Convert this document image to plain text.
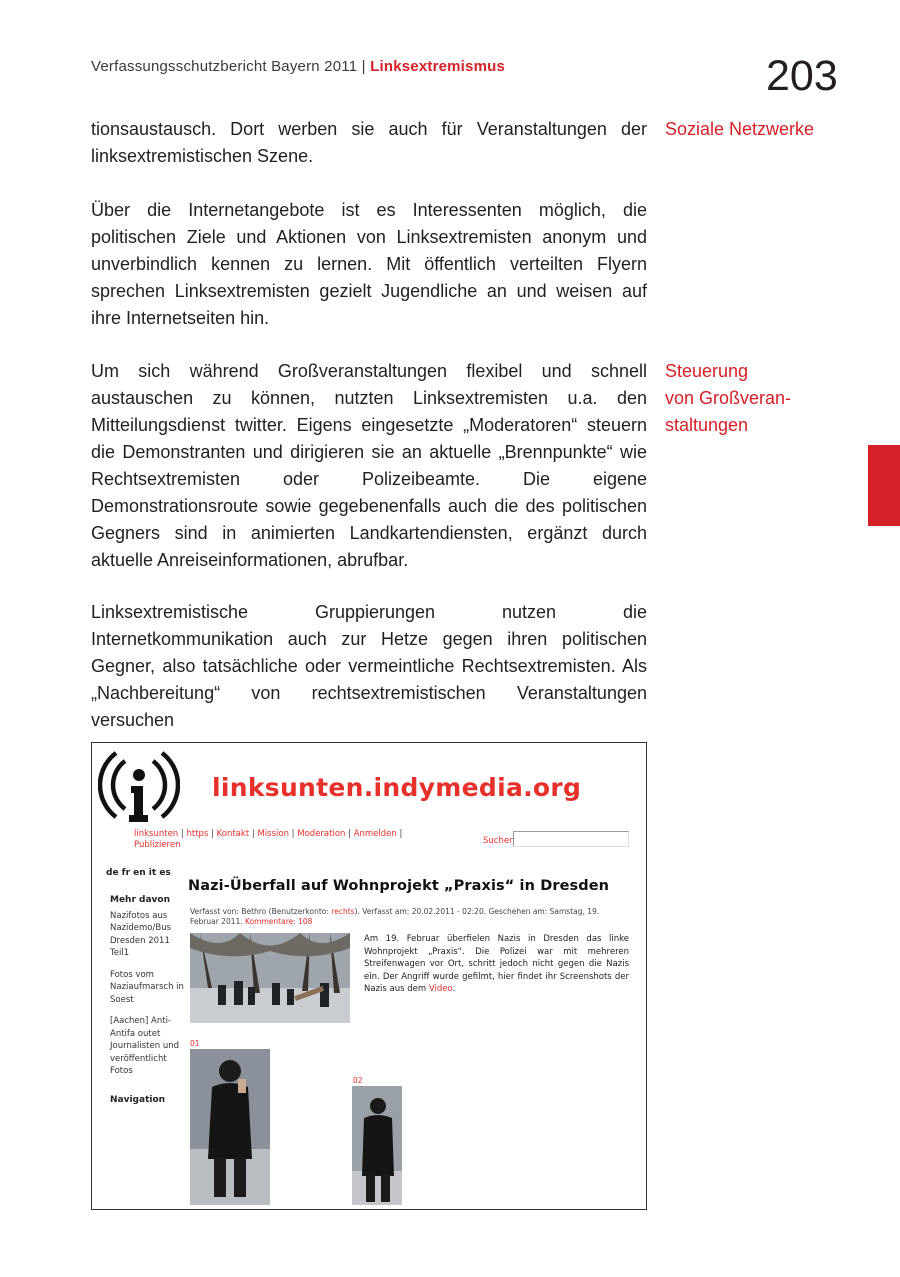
Verfassungsschutzbericht Bayern 2011 | Linksextremismus	203

tionsaustausch. Dort werben sie auch für Veranstaltungen der linksextremistischen Szene.

Über die Internetangebote ist es Interessenten möglich, die politischen Ziele und Aktionen von Linksextremisten anonym und unverbindlich kennen zu lernen. Mit öffentlich verteilten Flyern sprechen Linksextremisten gezielt Jugendliche an und weisen auf ihre Internetseiten hin.

Um sich während Großveranstaltungen flexibel und schnell austauschen zu können, nutzten Linksextremisten u.a. den Mitteilungsdienst twitter. Eigens eingesetzte „Moderatoren“ steuern die Demonstranten und dirigieren sie an aktuelle „Brennpunkte“ wie Rechtsextremisten oder Polizeibeamte. Die eigene Demonstrationsroute sowie gegebenenfalls auch die des politischen Gegners sind in animierten Landkartendiensten, ergänzt durch aktuelle Anreiseinformationen, abrufbar.

Linksextremistische Gruppierungen nutzen die Internetkommunikation auch zur Hetze gegen ihren politischen Gegner, also tatsächliche oder vermeintliche Rechtsextremisten. Als „Nachbereitung“ von rechtsextremistischen Veranstaltungen versuchen

Soziale Netzwerke
Steuerung
von Großveran-
staltungen
linksunten.indymedia.org
linksunten | https | Kontakt | Mission | Moderation | Anmelden |
Publizieren	Suchen
de fr en it es
Mehr davon
Nazifotos aus Nazidemo/Bus Dresden 2011 Teil1
Fotos vom Naziaufmarsch in Soest
[Aachen] Anti-Antifa outet Journalisten und veröffentlicht Fotos
Navigation
Nazi-Überfall auf Wohnprojekt „Praxis“ in Dresden
Verfasst von: Bethro (Benutzerkonto: rechts). Verfasst am: 20.02.2011 - 02:20. Geschehen am: Samstag, 19. Februar 2011. Kommentare: 108
Am 19. Februar überfielen Nazis in Dresden das linke Wohnprojekt „Praxis“. Die Polizei war mit mehreren Streifenwagen vor Ort, schritt jedoch nicht gegen die Nazis ein. Der Angriff wurde gefilmt, hier findet ihr Screenshots der Nazis aus dem Video.
01
02
